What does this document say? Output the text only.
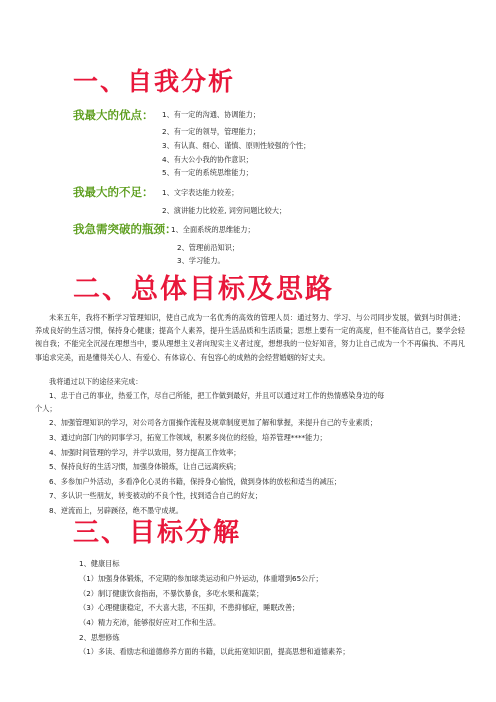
一、自我分析
我最大的优点： 1、有一定的沟通、协调能力；
2、有一定的领导，管理能力；
3、有认真、细心、谨慎、原则性较强的个性；
4、有大公小我的协作意识；
5、有一定的系统思维能力；
我最大的不足： 1、文字表达能力较差；
2、演讲能力比较差, 词穷问题比较大；
我急需突破的瓶颈：
1、全面系统的思维能力；
2、管理前沿知识；
3、学习能力。
二、总体目标及思路
未来五年，我将不断学习管理知识，使自己成为一名优秀的高效的管理人员：通过努力、学习、与公司同步发展，做到与时俱进；养成良好的生活习惯，保持身心健康；提高个人素养，提升生活品质和生活质量；思想上要有一定的高度，但不能高估自己，要学会轻视自我；不能完全沉浸在理想当中，要从理想主义者向现实主义者过度，想想我的一位好知音，努力让自己成为一个不再偏执、不再凡事追求完美，而是懂得关心人、有爱心、有体谅心、有包容心的成熟的会经营婚姻的好丈夫。
我将通过以下的途径来完成：
1、忠于自己的事业，热爱工作，尽自己所能，把工作做到最好，并且可以通过对工作的热情感染身边的每
个人；
2、加强管理知识的学习，对公司各方面操作流程及规章制度更加了解和掌握，来提升自己的专业素质；
3、通过向部门内的同事学习，拓宽工作领域，积累多岗位的经验，培养管理****能力；
4、加强时间管理的学习，并学以致用，努力提高工作效率；
5、保持良好的生活习惯，加强身体锻炼，让自己远离疾病；
6、多参加户外活动，多看净化心灵的书籍，保持身心愉悦，做到身体的放松和适当的减压；
7、多认识一些朋友，转变被动的不良个性，找到适合自己的好友；
8、逆流而上，另辟蹊径，绝不墨守成规。
三、目标分解
1、健康目标
（1）加强身体锻炼，不定期的参加球类运动和户外运动，体重增到65公斤；
（2）制订健康饮食指南，不暴饮暴食，多吃水果和蔬菜；
（3）心理健康稳定，不大喜大悲，不压抑，不患抑郁症，睡眠改善；
（4）精力充沛，能够很好应对工作和生活。
2、思想修炼
（1）多读、看励志和道德修养方面的书籍，以此拓宽知识面，提高思想和道德素养；
